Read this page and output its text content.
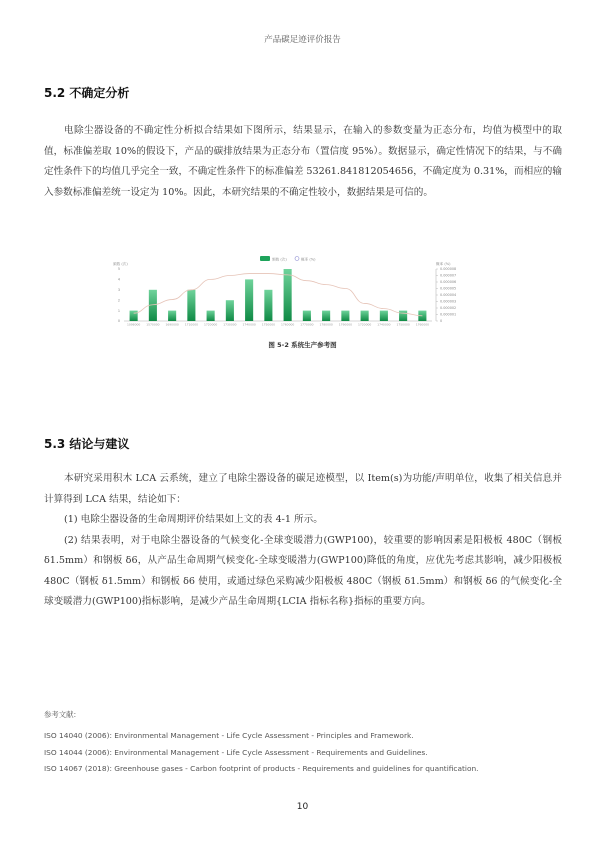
产品碳足迹评价报告
5.2 不确定分析

电除尘器设备的不确定性分析拟合结果如下图所示，结果显示，在输入的参数变量为正态分布，均值为模型中的取值，标准偏差取 10%的假设下，产品的碳排放结果为正态分布（置信度 95%）。数据显示，确定性情况下的结果，与不确定性条件下的均值几乎完全一致，不确定性条件下的标准偏差 53261.841812054656，不确定度为 0.31%，而相应的输入参数标准偏差统一设定为 10%。因此，本研究结果的不确定性较小，数据结果是可信的。

频数 (次)	概率 (%)
频数 (次)	概率 (%)
0
1
2
3
4
5
0
0.000001
0.000002
0.000003
0.000004
0.000005
0.000006
0.000007
0.000008
1098000 1570000 1690000 1710000 1720000 1730000 1740000 1750000 1760000 1770000 1780000 1790000 1720000 1740000 1750000 1760000
图 5-2 系统生产参考图
5.3 结论与建议

本研究采用积木 LCA 云系统，建立了电除尘器设备的碳足迹模型，以 Item(s)为功能/声明单位，收集了相关信息并计算得到 LCA 结果，结论如下：

(1) 电除尘器设备的生命周期评价结果如上文的表 4-1 所示。

(2) 结果表明，对于电除尘器设备的气候变化-全球变暖潜力(GWP100)，较重要的影响因素是阳极板 480C（钢板 δ1.5mm）和钢板 δ6，从产品生命周期气候变化-全球变暖潜力(GWP100)降低的角度，应优先考虑其影响，减少阳极板 480C（钢板 δ1.5mm）和钢板 δ6 使用，或通过绿色采购减少阳极板 480C（钢板 δ1.5mm）和钢板 δ6 的气候变化-全球变暖潜力(GWP100)指标影响，是减少产品生命周期{LCIA 指标名称}指标的重要方向。

参考文献:
ISO 14040 (2006): Environmental Management - Life Cycle Assessment - Principles and Framework.
ISO 14044 (2006): Environmental Management - Life Cycle Assessment - Requirements and Guidelines.
ISO 14067 (2018): Greenhouse gases - Carbon footprint of products - Requirements and guidelines for quantification.
10
